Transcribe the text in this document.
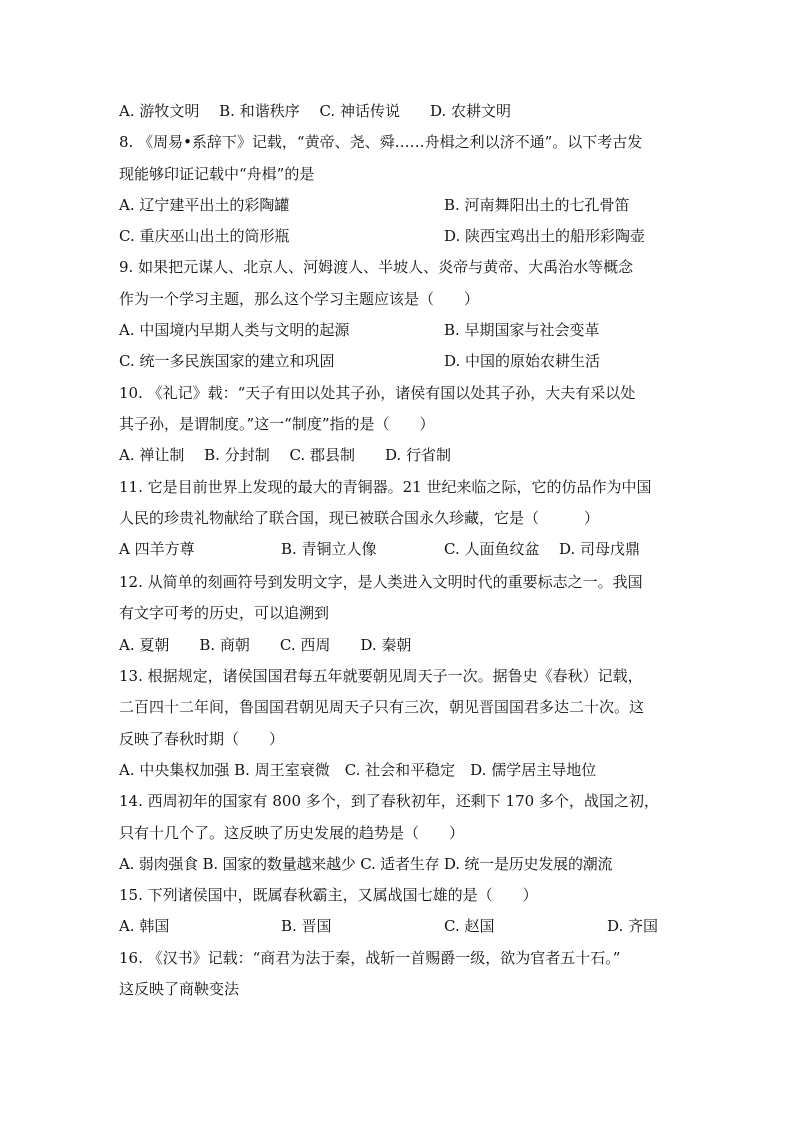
A. 游牧文明　 B. 和谐秩序　 C. 神话传说　　D. 农耕文明
8. 《周易•系辞下》记载，“黄帝、尧、舜……舟楫之利以济不通”。以下考古发
现能够印证记载中“舟楫”的是
A. 辽宁建平出土的彩陶罐	B. 河南舞阳出土的七孔骨笛
C. 重庆巫山出土的筒形瓶	D. 陕西宝鸡出土的船形彩陶壶
9. 如果把元谋人、北京人、河姆渡人、半坡人、炎帝与黄帝、大禹治水等概念
作为一个学习主题，那么这个学习主题应该是（　　）
A. 中国境内早期人类与文明的起源	B. 早期国家与社会变革
C. 统一多民族国家的建立和巩固	D. 中国的原始农耕生活
10. 《礼记》载：“天子有田以处其子孙，诸侯有国以处其子孙，大夫有采以处
其子孙，是谓制度。”这一“制度”指的是（　　）
A. 禅让制　 B. 分封制　 C. 郡县制　　D. 行省制
11. 它是目前世界上发现的最大的青铜器。21 世纪来临之际，它的仿品作为中国
人民的珍贵礼物献给了联合国，现已被联合国永久珍藏，它是（　　　）
A 四羊方尊	B. 青铜立人像	C. 人面鱼纹盆 D. 司母戊鼎
12. 从简单的刻画符号到发明文字，是人类进入文明时代的重要标志之一。我国
有文字可考的历史，可以追溯到
A. 夏朝　　B. 商朝　　C. 西周　　D. 秦朝
13. 根据规定，诸侯国国君每五年就要朝见周天子一次。据鲁史《春秋）记载，
二百四十二年间，鲁国国君朝见周天子只有三次，朝见晋国国君多达二十次。这
反映了春秋时期（　　）
A. 中央集权加强 B. 周王室衰微　C. 社会和平稳定　D. 儒学居主导地位
14. 西周初年的国家有 800 多个，到了春秋初年，还剩下 170 多个，战国之初，
只有十几个了。这反映了历史发展的趋势是（　　）
A. 弱肉强食 B. 国家的数量越来越少 C. 适者生存 D. 统一是历史发展的潮流
15. 下列诸侯国中，既属春秋霸主，又属战国七雄的是（　　）
A. 韩国	B. 晋国	C. 赵国	D. 齐国
16. 《汉书》记载：“商君为法于秦，战斩一首赐爵一级，欲为官者五十石。”
这反映了商鞅变法
